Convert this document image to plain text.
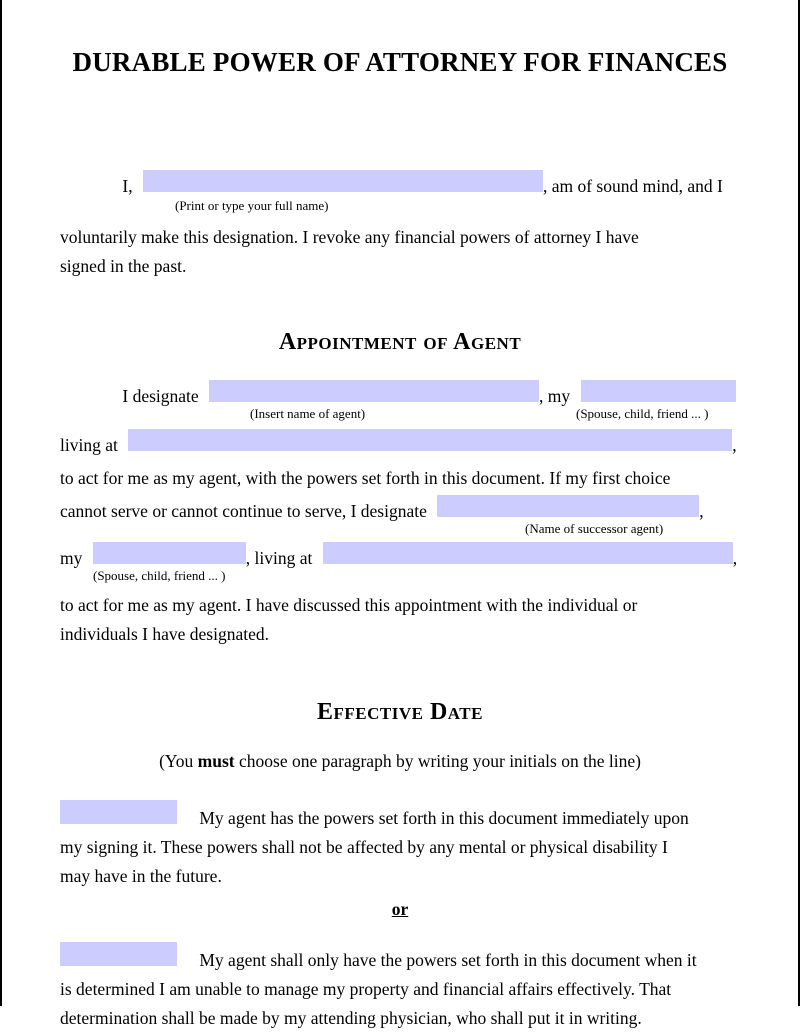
DURABLE POWER OF ATTORNEY FOR FINANCES
I,	, am of sound mind, and I
(Print or type your full name)
voluntarily make this designation. I revoke any financial powers of attorney I have
signed in the past.
Appointment of Agent
I designate	, my
(Insert name of agent)	(Spouse, child, friend ... )
living at	,
to act for me as my agent, with the powers set forth in this document. If my first choice
cannot serve or cannot continue to serve, I designate	,
(Name of successor agent)
my	, living at	,
(Spouse, child, friend ... )
to act for me as my agent. I have discussed this appointment with the individual or
individuals I have designated.
Effective Date
(You must choose one paragraph by writing your initials on the line)
My agent has the powers set forth in this document immediately upon
my signing it. These powers shall not be affected by any mental or physical disability I
may have in the future.
or
My agent shall only have the powers set forth in this document when it
is determined I am unable to manage my property and financial affairs effectively. That
determination shall be made by my attending physician, who shall put it in writing.
